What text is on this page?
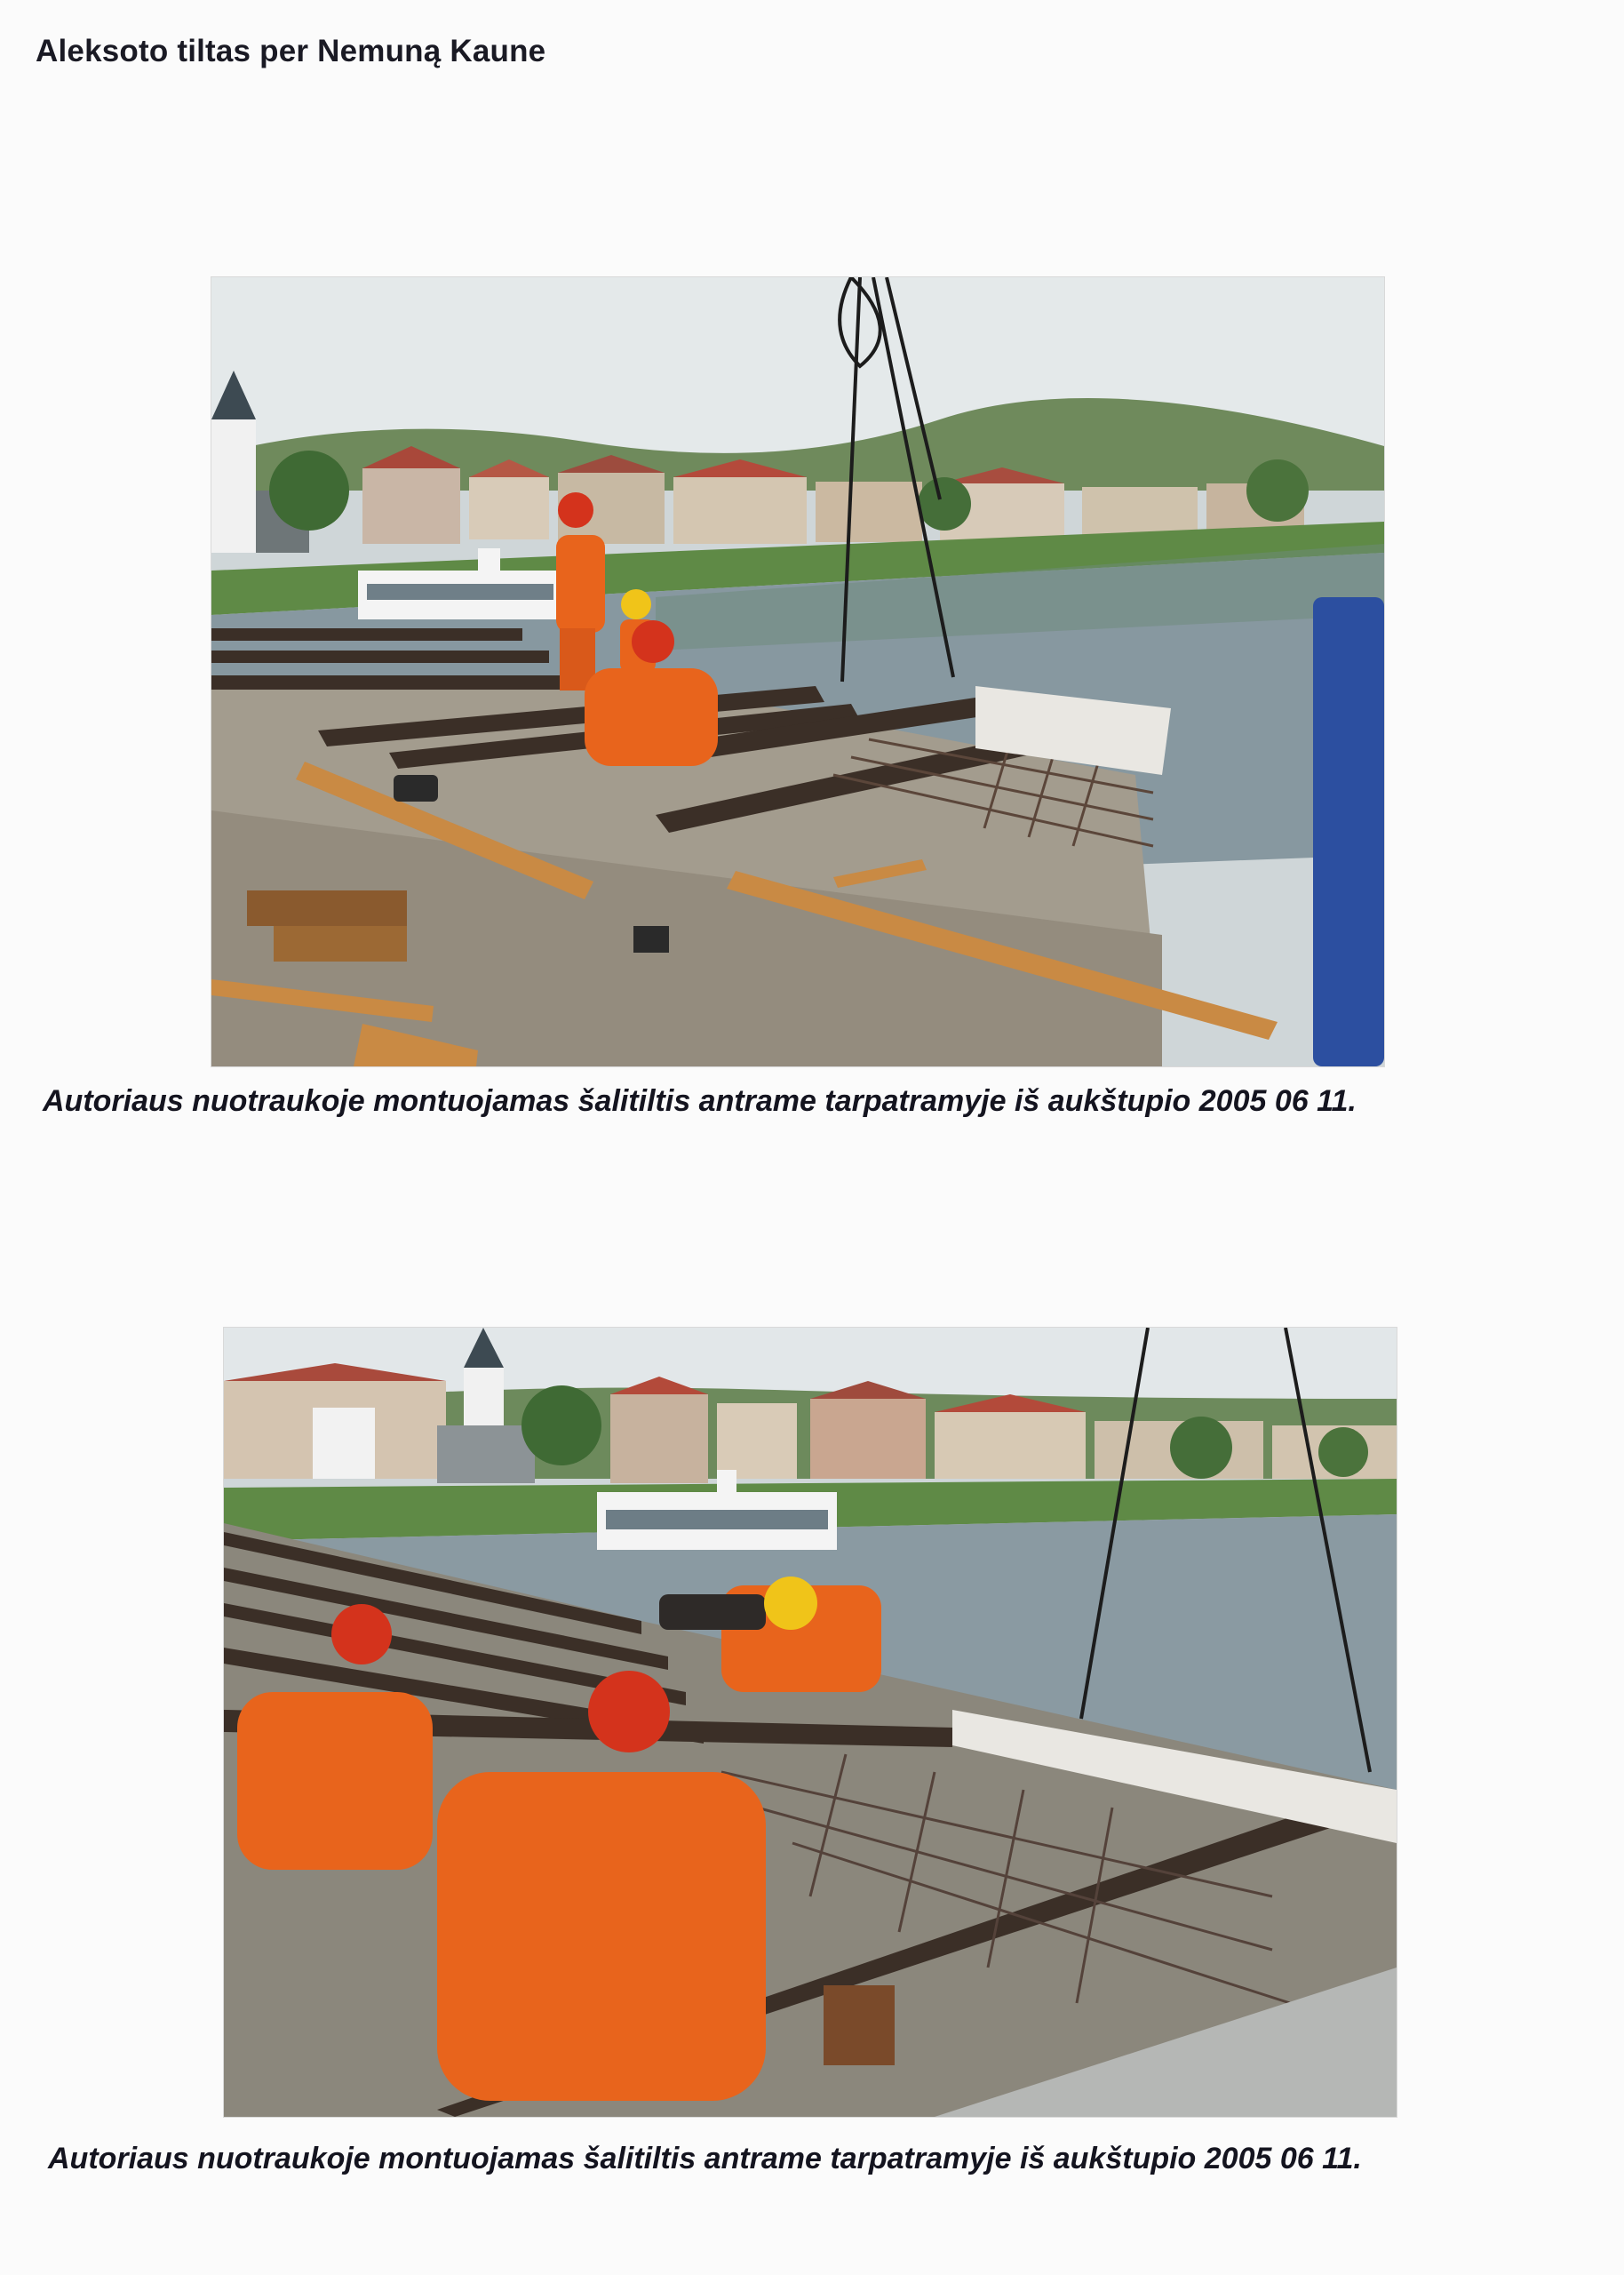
Aleksoto tiltas per Nemuną Kaune
Autoriaus nuotraukoje montuojamas šalitiltis antrame tarpatramyje iš aukštupio 2005 06 11.
Autoriaus nuotraukoje montuojamas šalitiltis antrame tarpatramyje iš aukštupio 2005 06 11.
